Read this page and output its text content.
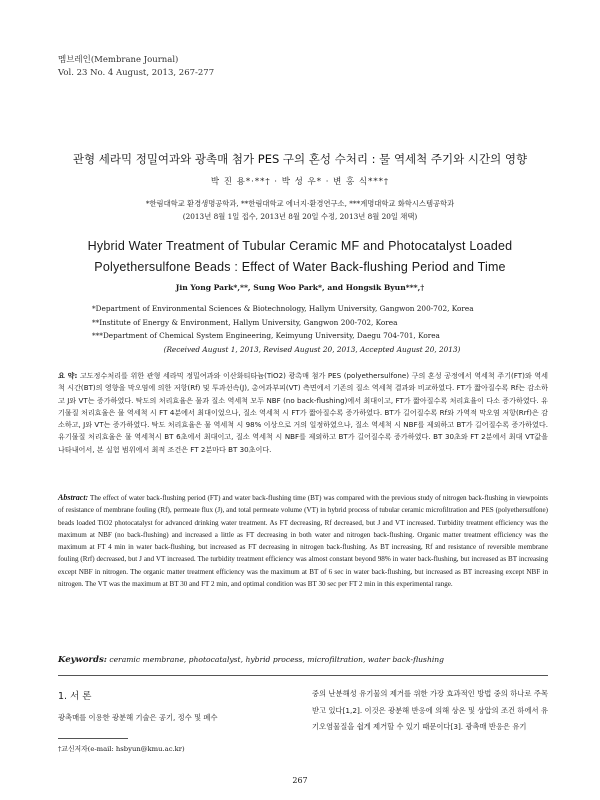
멤브레인(Membrane Journal)
Vol. 23 No. 4 August, 2013, 267-277
관형 세라믹 정밀여과와 광촉매 첨가 PES 구의 혼성 수처리 : 물 역세척 주기와 시간의 영향
박 진 용*·**† · 박 성 우* · 변 홍 식***†
*한림대학교 환경생명공학과, **한림대학교 에너지·환경연구소, ***계명대학교 화학시스템공학과
(2013년 8월 1일 접수, 2013년 8월 20일 수정, 2013년 8월 20일 채택)
Hybrid Water Treatment of Tubular Ceramic MF and Photocatalyst Loaded
Polyethersulfone Beads : Effect of Water Back-flushing Period and Time
Jin Yong Park*,**, Sung Woo Park*, and Hongsik Byun***,†
*Department of Environmental Sciences & Biotechnology, Hallym University, Gangwon 200-702, Korea
**Institute of Energy & Environment, Hallym University, Gangwon 200-702, Korea
***Department of Chemical System Engineering, Keimyung University, Daegu 704-701, Korea
(Received August 1, 2013, Revised August 20, 2013, Accepted August 20, 2013)
요 약: 고도정수처리를 위한 관형 세라믹 정밀여과와 이산화티타늄(TiO2) 광촉매 첨가 PES (polyethersulfone) 구의 혼성 공정에서 역세척 주기(FT)와 역세척 시간(BT)의 영향을 막오염에 의한 저항(Rf) 및 투과선속(J), 총여과부피(VT) 측면에서 기존의 질소 역세척 결과와 비교하였다. FT가 짧아질수록 Rf는 감소하고 J와 VT는 증가하였다. 탁도의 처리효율은 물과 질소 역세척 모두 NBF (no back-flushing)에서 최대이고, FT가 짧아질수록 처리효율이 다소 증가하였다. 유기물질 처리효율은 물 역세척 시 FT 4분에서 최대이었으나, 질소 역세척 시 FT가 짧아질수록 증가하였다. BT가 길어질수록 Rf와 가역적 막오염 저항(Rrf)은 감소하고, J와 VT는 증가하였다. 탁도 처리효율은 물 역세척 시 98% 이상으로 거의 일정하였으나, 질소 역세척 시 NBF를 제외하고 BT가 길어질수록 증가하였다. 유기물질 처리효율은 물 역세척시 BT 6초에서 최대이고, 질소 역세척 시 NBF를 제외하고 BT가 길어질수록 증가하였다. BT 30초와 FT 2분에서 최대 VT값을 나타내어서, 본 실험 범위에서 최적 조건은 FT 2분마다 BT 30초이다.
Abstract: The effect of water back-flushing period (FT) and water back-flushing time (BT) was compared with the previous study of nitrogen back-flushing in viewpoints of resistance of membrane fouling (Rf), permeate flux (J), and total permeate volume (VT) in hybrid process of tubular ceramic microfiltration and PES (polyethersulfone) beads loaded TiO2 photocatalyst for advanced drinking water treatment. As FT decreasing, Rf decreased, but J and VT increased. Turbidity treatment efficiency was the maximum at NBF (no back-flushing) and increased a little as FT decreasing in both water and nitrogen back-flushing. Organic matter treatment efficiency was the maximum at FT 4 min in water back-flushing, but increased as FT decreasing in nitrogen back-flushing. As BT increasing, Rf and resistance of reversible membrane fouling (Rrf) decreased, but J and VT increased. The turbidity treatment efficiency was almost constant beyond 98% in water back-flushing, but increased as BT increasing except NBF in nitrogen. The organic matter treatment efficiency was the maximum at BT of 6 sec in water back-flushing, but increased as BT increasing except NBF in nitrogen. The VT was the maximum at BT 30 and FT 2 min, and optimal condition was BT 30 sec per FT 2 min in this experimental range.
Keywords: ceramic membrane, photocatalyst, hybrid process, microfiltration, water back-flushing
1. 서 론
광촉매를 이용한 광분해 기술은 공기, 정수 및 폐수
중의 난분해성 유기물의 제거를 위한 가장 효과적인 방법 중의 하나로 주목 받고 있다[1,2]. 이것은 광분해 반응에 의해 상온 및 상압의 조건 하에서 유기오염물질을 쉽게 제거할 수 있기 때문이다[3]. 광촉매 반응은 유기
†교신저자(e-mail: hsbyun@kmu.ac.kr)
267
